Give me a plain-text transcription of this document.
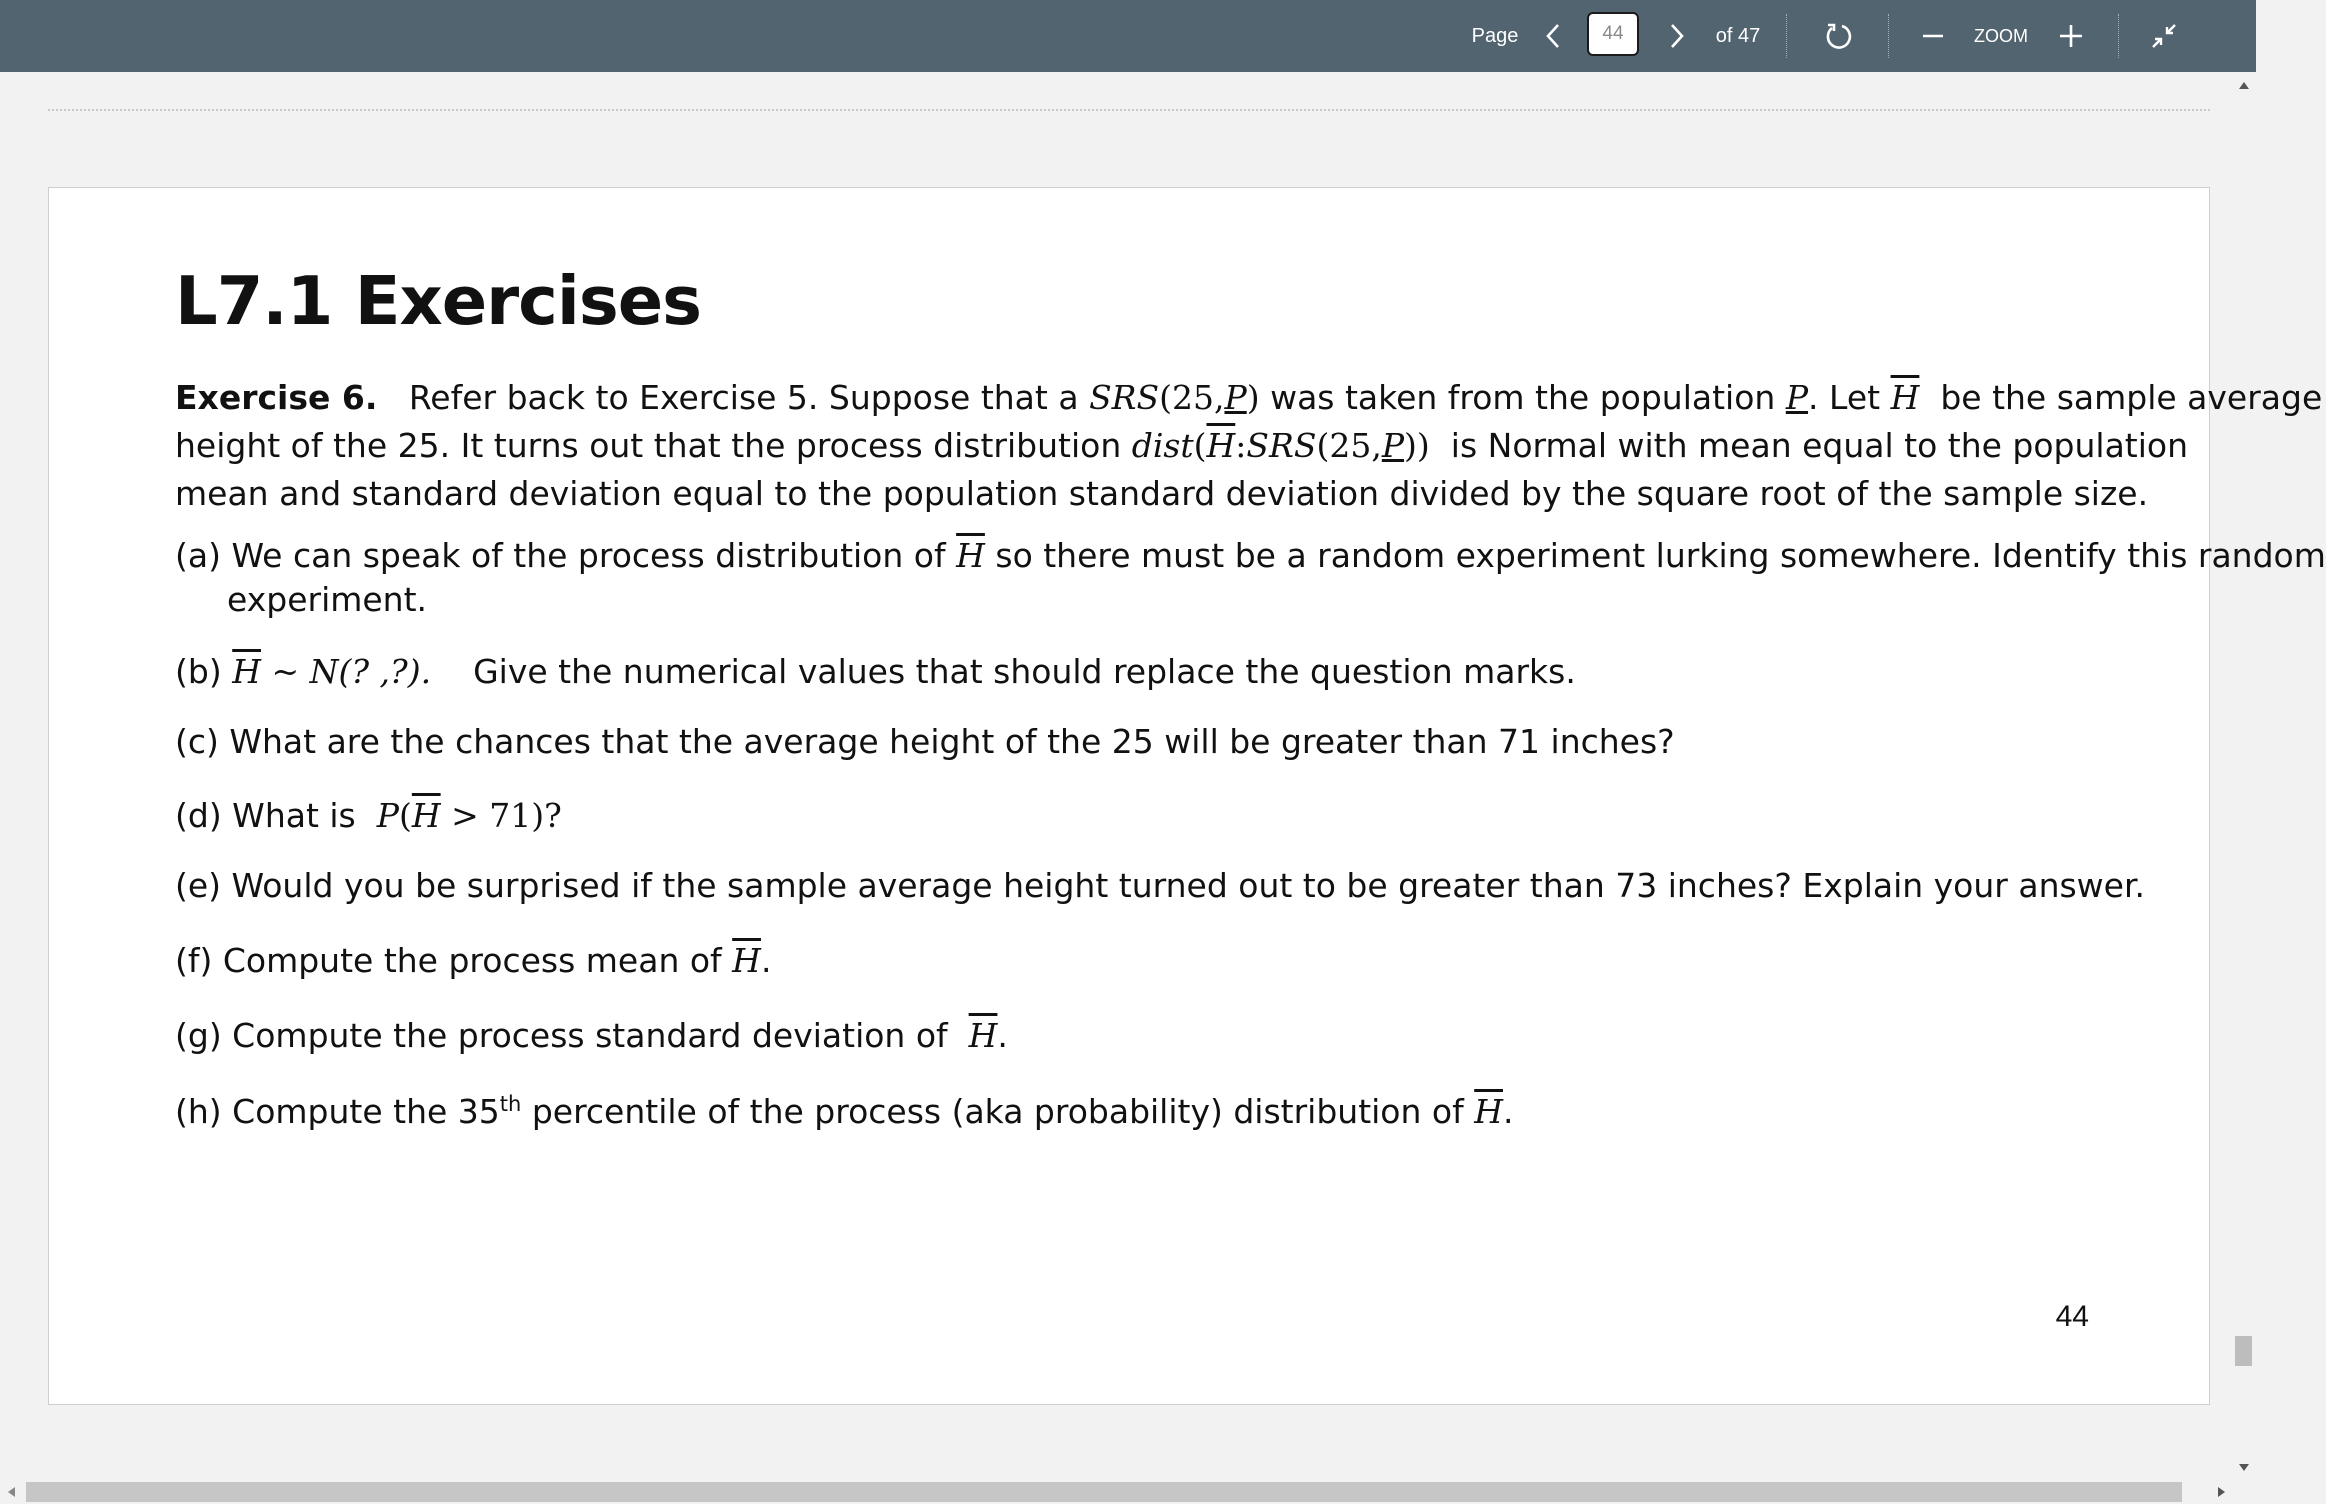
Page
44	of 47	ZOOM
L7.1 Exercises
Exercise 6. Refer back to Exercise 5. Suppose that a SRS(25,P) was taken from the population P. Let $\overline{H}$ be the sample average
height of the 25. It turns out that the process distribution $dist(\overline{H}:SRS(25,P))$ is Normal with mean equal to the population
mean and standard deviation equal to the population standard deviation divided by the square root of the sample size.
(a) We can speak of the process distribution of $\overline{H}$ so there must be a random experiment lurking somewhere. Identify this random
experiment.
(b) $\overline{H}$ ~ N(? ,?). Give the numerical values that should replace the question marks.
(c) What are the chances that the average height of the 25 will be greater than 71 inches?
(d) What is $P(\overline{H} > 71)$?
(e) Would you be surprised if the sample average height turned out to be greater than 73 inches? Explain your answer.
(f) Compute the process mean of $\overline{H}$.
(g) Compute the process standard deviation of $\overline{H}$.
(h) Compute the 35th percentile of the process (aka probability) distribution of $\overline{H}$.
44
